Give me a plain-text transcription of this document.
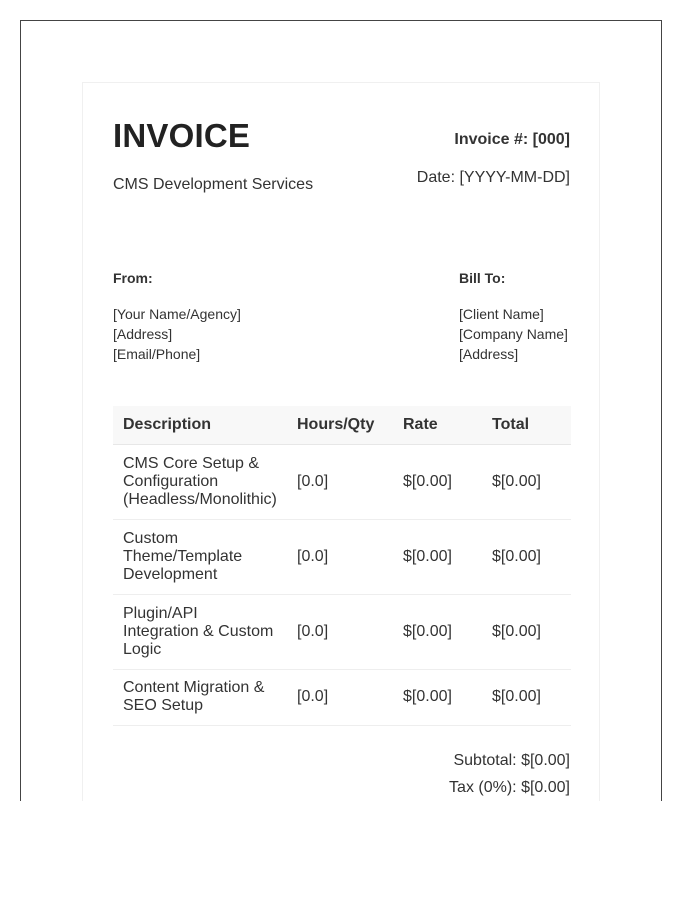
INVOICE
CMS Development Services
Invoice #: [000]
Date: [YYYY-MM-DD]
From:
[Your Name/Agency]
[Address]
[Email/Phone]
Bill To:
[Client Name]
[Company Name]
[Address]
Description	Hours/Qty	Rate	Total
CMS Core Setup & Configuration (Headless/Monolithic)	[0.0]	$[0.00]	$[0.00]
Custom Theme/Template Development	[0.0]	$[0.00]	$[0.00]
Plugin/API Integration & Custom Logic	[0.0]	$[0.00]	$[0.00]
Content Migration & SEO Setup	[0.0]	$[0.00]	$[0.00]
Subtotal: $[0.00]
Tax (0%): $[0.00]
